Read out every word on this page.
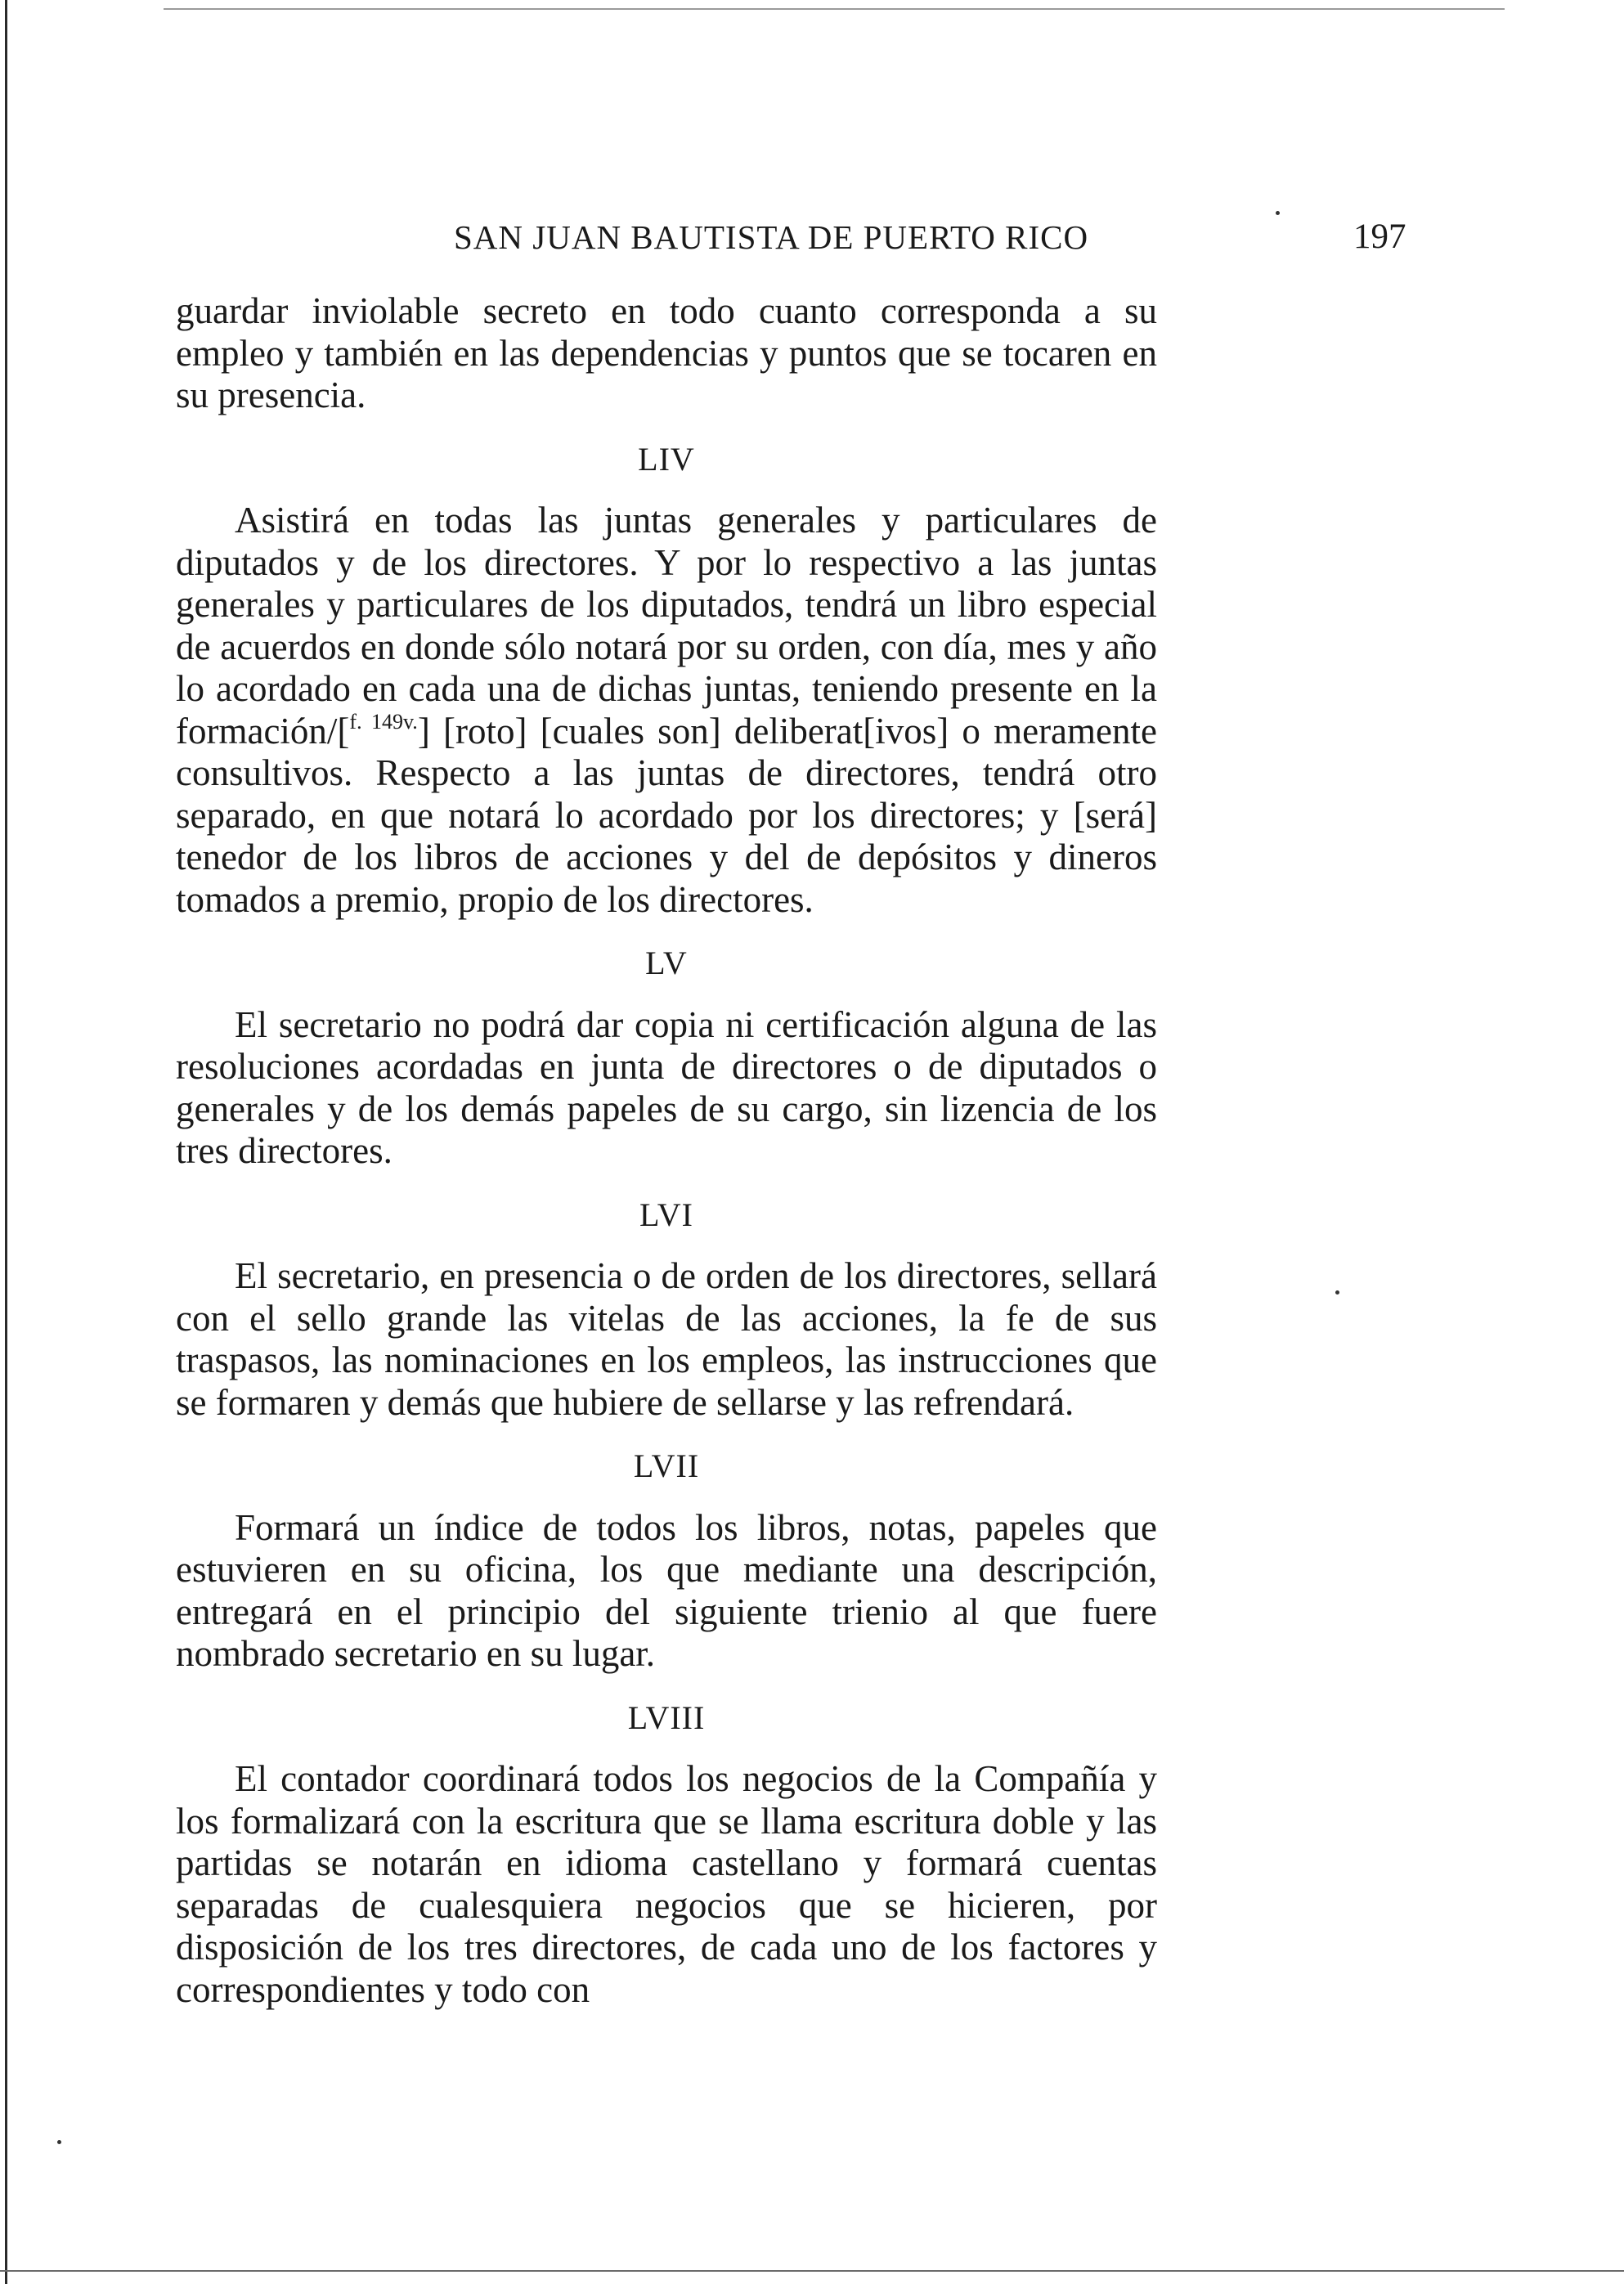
SAN JUAN BAUTISTA DE PUERTO RICO	197

guardar inviolable secreto en todo cuanto corresponda a su empleo y también en las dependencias y puntos que se tocaren en su presencia.

LIV

Asistirá en todas las juntas generales y particulares de diputados y de los directores. Y por lo respectivo a las juntas generales y particulares de los diputados, tendrá un libro especial de acuerdos en donde sólo notará por su orden, con día, mes y año lo acordado en cada una de dichas juntas, teniendo presente en la formación/[$^{f. 149v.}$] [roto] [cuales son] deliberat[ivos] o meramente consultivos. Respecto a las juntas de directores, tendrá otro separado, en que notará lo acordado por los directores; y [será] tenedor de los libros de acciones y del de depósitos y dineros tomados a premio, propio de los directores.

LV

El secretario no podrá dar copia ni certificación alguna de las resoluciones acordadas en junta de directores o de diputados o generales y de los demás papeles de su cargo, sin lizencia de los tres directores.

LVI

El secretario, en presencia o de orden de los directores, sellará con el sello grande las vitelas de las acciones, la fe de sus traspasos, las nominaciones en los empleos, las instrucciones que se formaren y demás que hubiere de sellarse y las refrendará.

LVII

Formará un índice de todos los libros, notas, papeles que estuvieren en su oficina, los que mediante una descripción, entregará en el principio del siguiente trienio al que fuere nombrado secretario en su lugar.

LVIII

El contador coordinará todos los negocios de la Compañía y los formalizará con la escritura que se llama escritura doble y las partidas se notarán en idioma castellano y formará cuentas separadas de cualesquiera negocios que se hicieren, por disposición de los tres directores, de cada uno de los factores y correspondientes y todo con
